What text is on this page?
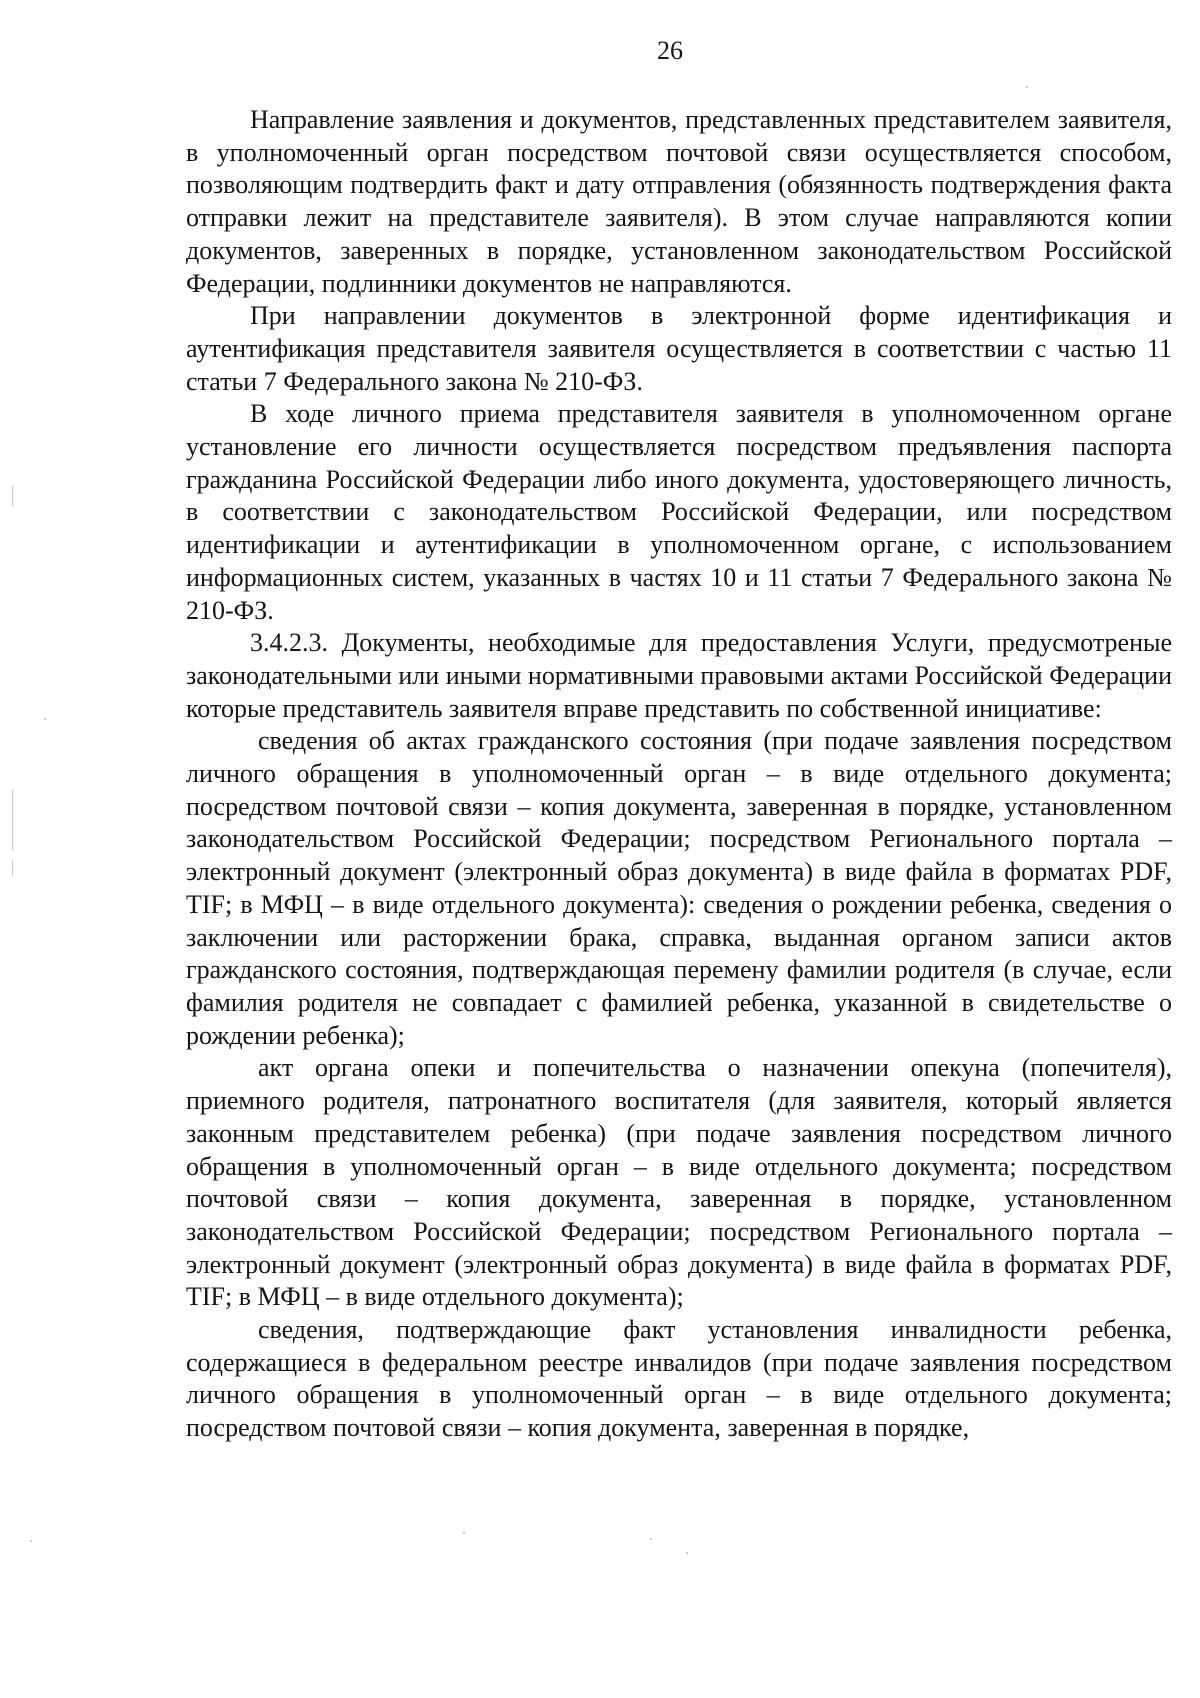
26

Направление заявления и документов, представленных представителем заявителя, в уполномоченный орган посредством почтовой связи осуществляется способом, позволяющим подтвердить факт и дату отправления (обязянность подтверждения факта отправки лежит на представителе заявителя). В этом случае направляются копии документов, заверенных в порядке, установленном законодательством Российской Федерации, подлинники документов не направляются.

При направлении документов в электронной форме идентификация и аутентификация представителя заявителя осуществляется в соответствии с частью 11 статьи 7 Федерального закона № 210-ФЗ.

В ходе личного приема представителя заявителя в уполномоченном органе установление его личности осуществляется посредством предъявления паспорта гражданина Российской Федерации либо иного документа, удостоверяющего личность, в соответствии с законодательством Российской Федерации, или посредством идентификации и аутентификации в уполномоченном органе, с использованием информационных систем, указанных в частях 10 и 11 статьи 7 Федерального закона № 210-ФЗ.

3.4.2.3. Документы, необходимые для предоставления Услуги, предусмотреные законодательными или иными нормативными правовыми актами Российской Федерации которые представитель заявителя вправе представить по собственной инициативе:

сведения об актах гражданского состояния (при подаче заявления посредством личного обращения в уполномоченный орган – в виде отдельного документа; посредством почтовой связи – копия документа, заверенная в порядке, установленном законодательством Российской Федерации; посредством Регионального портала – электронный документ (электронный образ документа) в виде файла в форматах PDF, TIF; в МФЦ – в виде отдельного документа): сведения о рождении ребенка, сведения о заключении или расторжении брака, справка, выданная органом записи актов гражданского состояния, подтверждающая перемену фамилии родителя (в случае, если фамилия родителя не совпадает с фамилией ребенка, указанной в свидетельстве о рождении ребенка);

акт органа опеки и попечительства о назначении опекуна (попечителя), приемного родителя, патронатного воспитателя (для заявителя, который является законным представителем ребенка) (при подаче заявления посредством личного обращения в уполномоченный орган – в виде отдельного документа; посредством почтовой связи – копия документа, заверенная в порядке, установленном законодательством Российской Федерации; посредством Регионального портала – электронный документ (электронный образ документа) в виде файла в форматах PDF, TIF; в МФЦ – в виде отдельного документа);

сведения, подтверждающие факт установления инвалидности ребенка, содержащиеся в федеральном реестре инвалидов (при подаче заявления посредством личного обращения в уполномоченный орган – в виде отдельного документа; посредством почтовой связи – копия документа, заверенная в порядке,
